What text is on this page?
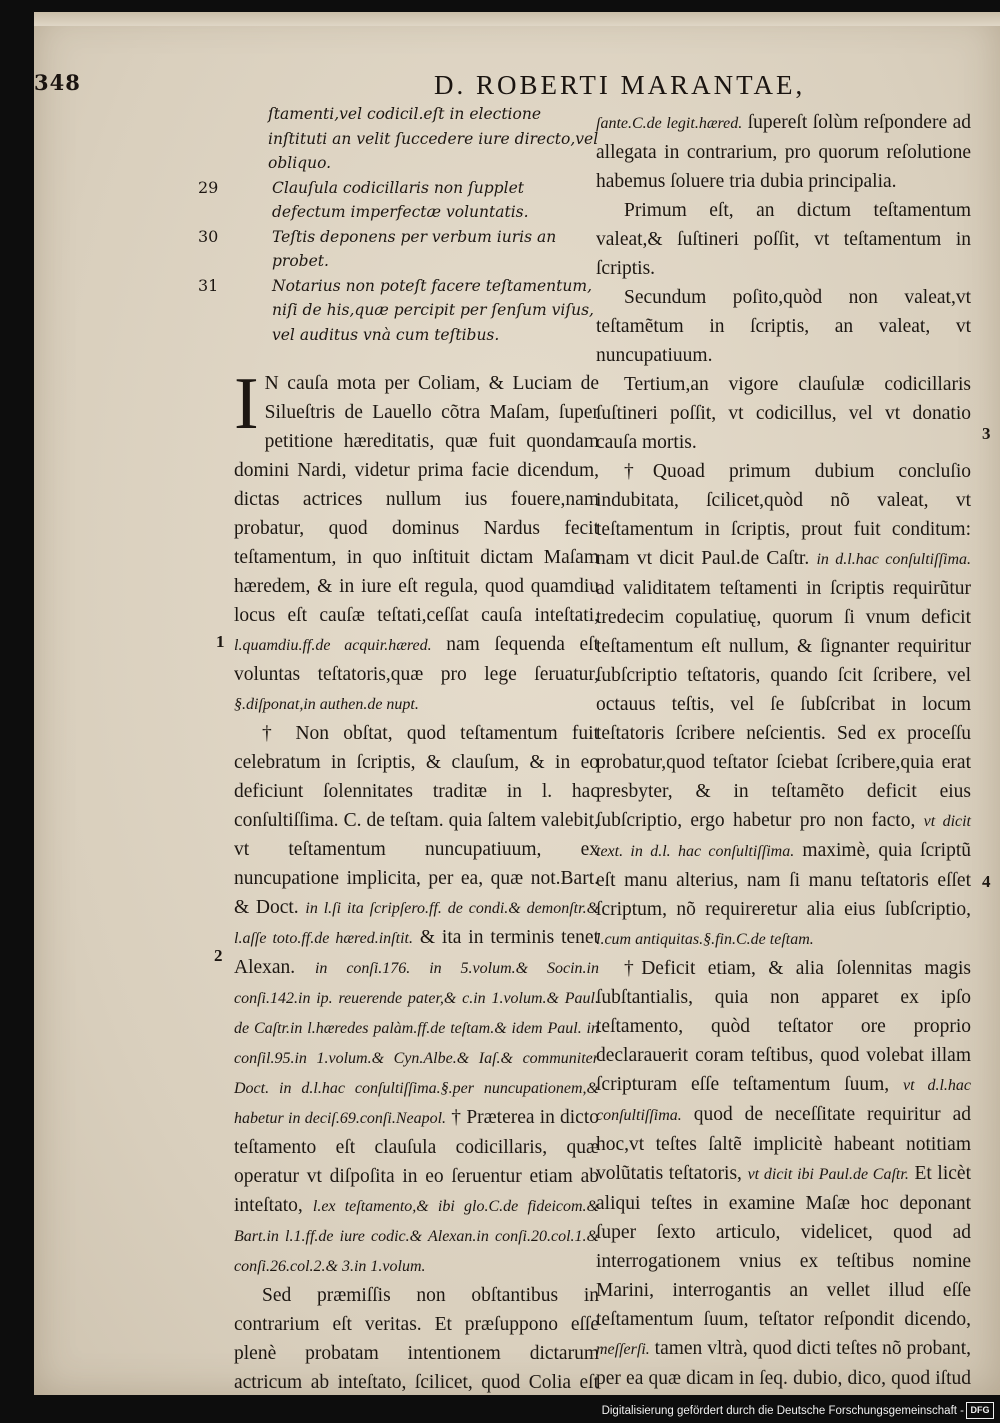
348	D. ROBERTI MARANTAE,
ſtamenti,vel codicil.eſt in electione inſtituti an velit ſuccedere iure directo,vel obliquo.
29	Clauſula codicillaris non ſupplet defectum imperfectæ voluntatis.
30	Teſtis deponens per verbum iuris an probet.
31	Notarius non poteſt facere teſtamentum, niſi de his,quæ percipit per ſenſum viſus, vel auditus vnà cum teſtibus.

I N cauſa mota per Coliam, & Luciam de Silueſtris de Lauello cõtra Maſam, ſuper petitione hæreditatis, quæ fuit quondam domini Nardi, videtur prima facie dicendum, dictas actrices nullum ius fouere,nam probatur, quod dominus Nardus fecit teſtamentum, in quo inſtituit dictam Maſam hæredem, & in iure eſt regula, quod quamdiu locus eſt cauſæ teſtati,ceſſat cauſa inteſtati, l.quamdiu.ff.de acquir.hæred. nam ſequenda eſt voluntas teſtatoris,quæ pro lege ſeruatur, §.diſponat,in authen.de nupt.

† Non obſtat, quod teſtamentum fuit celebratum in ſcriptis, & clauſum, & in eo deficiunt ſolennitates traditæ in l. hac conſultiſſima. C. de teſtam. quia ſaltem valebit, vt teſtamentum nuncupatiuum, ex nuncupatione implicita, per ea, quæ not.Bart. & Doct. in l.ſi ita ſcripſero.ff. de condi.& demonſtr.& l.aſſe toto.ff.de hæred.inſtit. & ita in terminis tenet Alexan. in conſi.176. in 5.volum.& Socin.in conſi.142.in ip. reuerende pater,& c.in 1.volum.& Paul. de Caſtr.in l.hæredes palàm.ff.de teſtam.& idem Paul. in conſil.95.in 1.volum.& Cyn.Albe.& Iaſ.& communiter Doct. in d.l.hac conſultiſſima.§.per nuncupationem,& habetur in deciſ.69.conſi.Neapol. † Præterea in dicto teſtamento eſt clauſula codicillaris, quæ operatur vt diſpoſita in eo ſeruentur etiam ab inteſtato, l.ex teſtamento,& ibi glo.C.de fideicom.& Bart.in l.1.ff.de iure codic.& Alexan.in conſi.20.col.1.& conſi.26.col.2.& 3.in 1.volum.

Sed præmiſſis non obſtantibus in contrarium eſt veritas. Et præſuppono eſſe plenè probatam intentionem dictarum actricum ab inteſtato, ſcilicet, quod Colia eſt

ſante.C.de legit.hæred. ſupereſt ſolùm reſpondere ad allegata in contrarium, pro quorum reſolutione habemus ſoluere tria dubia principalia.

Primum eſt, an dictum teſtamentum valeat,& ſuſtineri poſſit, vt teſtamentum in ſcriptis.

Secundum poſito,quòd non valeat,vt teſtamẽtum in ſcriptis, an valeat, vt nuncupatiuum.

Tertium,an vigore clauſulæ codicillaris ſuſtineri poſſit, vt codicillus, vel vt donatio cauſa mortis.

†Quoad primum dubium concluſio indubitata, ſcilicet,quòd nõ valeat, vt teſtamentum in ſcriptis, prout fuit conditum: nam vt dicit Paul.de Caſtr. in d.l.hac conſultiſſima. ad validitatem teſtamenti in ſcriptis requirũtur tredecim copulatiuę, quorum ſi vnum deficit teſtamentum eſt nullum, & ſignanter requiritur ſubſcriptio teſtatoris, quando ſcit ſcribere, vel octauus teſtis, vel ſe ſubſcribat in locum teſtatoris ſcribere neſcientis. Sed ex proceſſu probatur,quod teſtator ſciebat ſcribere,quia erat presbyter, & in teſtamẽto deficit eius ſubſcriptio, ergo habetur pro non facto, vt dicit text. in d.l. hac conſultiſſima. maximè, quia ſcriptũ eſt manu alterius, nam ſi manu teſtatoris eſſet ſcriptum, nõ requireretur alia eius ſubſcriptio, l.cum antiquitas.§.fin.C.de teſtam.

†Deficit etiam, & alia ſolennitas magis ſubſtantialis, quia non apparet ex ipſo teſtamento, quòd teſtator ore proprio declarauerit coram teſtibus, quod volebat illam ſcripturam eſſe teſtamentum ſuum, vt d.l.hac conſultiſſima. quod de neceſſitate requiritur ad hoc,vt teſtes ſaltẽ implicitè habeant notitiam volũtatis teſtatoris, vt dicit ibi Paul.de Caſtr. Et licèt aliqui teſtes in examine Maſæ hoc deponant ſuper ſexto articulo, videlicet, quod ad interrogationem vnius ex teſtibus nomine Marini, interrogantis an vellet illud eſſe teſtamentum ſuum, teſtator reſpondit dicendo, meſſerſi. tamen vltrà, quod dicti teſtes nõ probant, per ea quæ dicam in ſeq. dubio, dico, quod iſtud

1
2
3
4
Digitalisierung gefördert durch die Deutsche Forschungsgemeinschaft - DFG
